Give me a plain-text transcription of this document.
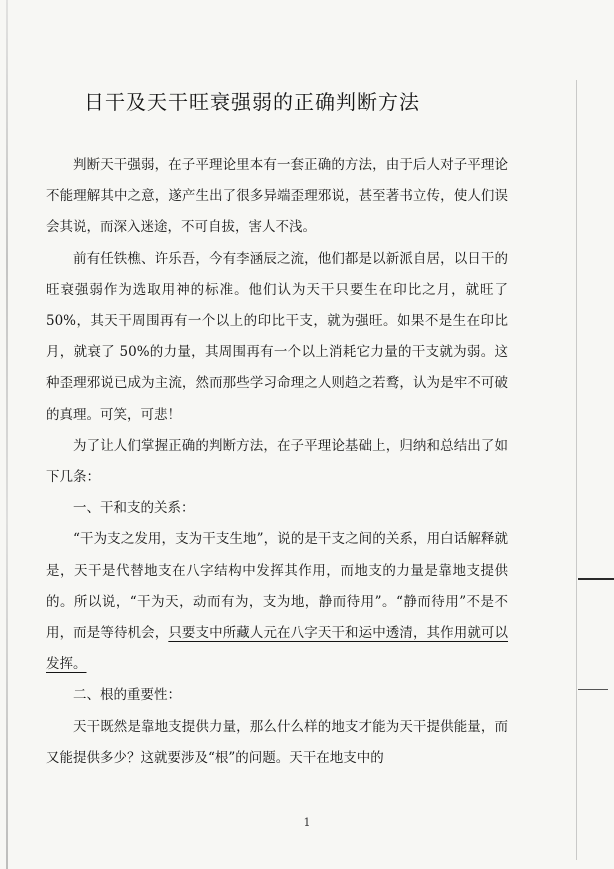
日干及天干旺衰强弱的正确判断方法

判断天干强弱，在子平理论里本有一套正确的方法，由于后人对子平理论不能理解其中之意，遂产生出了很多异端歪理邪说，甚至著书立传，使人们误会其说，而深入迷途，不可自拔，害人不浅。

前有任铁樵、许乐吾，今有李涵辰之流，他们都是以新派自居，以日干的旺衰强弱作为选取用神的标准。他们认为天干只要生在印比之月，就旺了 50%，其天干周围再有一个以上的印比干支，就为强旺。如果不是生在印比月，就衰了 50%的力量，其周围再有一个以上消耗它力量的干支就为弱。这种歪理邪说已成为主流，然而那些学习命理之人则趋之若鹜，认为是牢不可破的真理。可笑，可悲！

为了让人们掌握正确的判断方法，在子平理论基础上，归纳和总结出了如下几条：

一、干和支的关系：

“干为支之发用，支为干支生地”，说的是干支之间的关系，用白话解释就是，天干是代替地支在八字结构中发挥其作用，而地支的力量是靠地支提供的。所以说，“干为天，动而有为，支为地，静而待用”。“静而待用”不是不用，而是等待机会，只要支中所藏人元在八字天干和运中透清，其作用就可以发挥。

二、根的重要性：

天干既然是靠地支提供力量，那么什么样的地支才能为天干提供能量，而又能提供多少？这就要涉及“根”的问题。天干在地支中的

1
